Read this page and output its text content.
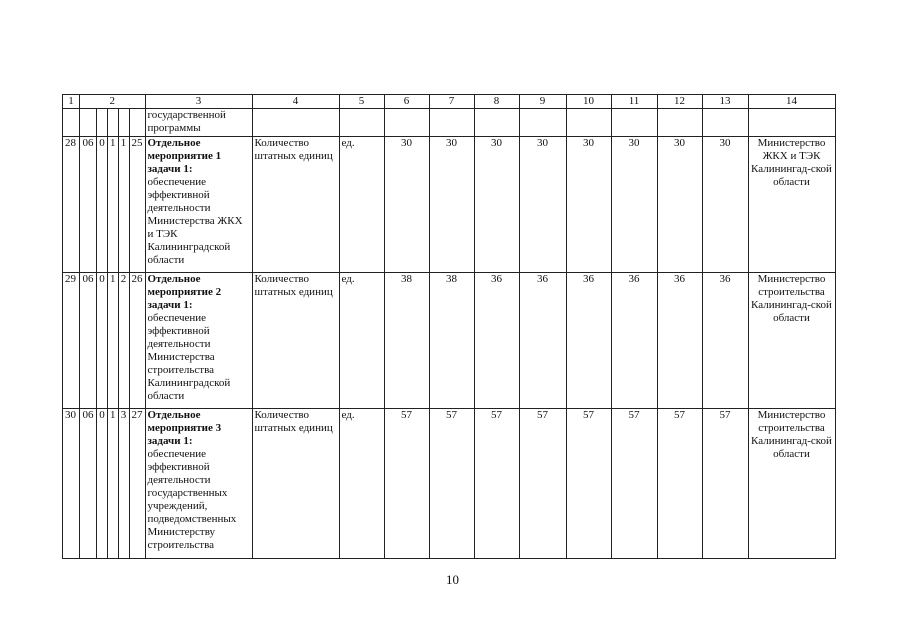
1	2					3	4	5	6	7	8	9	10	11	12	13	14
						государственной
программы											
28	06	0	1	1	25	Отдельное мероприятие 1 задачи 1:
обеспечение эффективной деятельности Министерства ЖКХ и ТЭК Калининградской области	Количество штатных единиц	ед.	30	30	30	30	30	30	30	30	Министерство ЖКХ и ТЭК Калинингад-ской области
29	06	0	1	2	26	Отдельное мероприятие 2 задачи 1:
обеспечение эффективной деятельности Министерства строительства Калининградской области	Количество штатных единиц	ед.	38	38	36	36	36	36	36	36	Министерство строительства Калинингад-ской области
30	06	0	1	3	27	Отдельное мероприятие 3 задачи 1:
обеспечение эффективной деятельности государственных учреждений, подведомственных Министерству строительства	Количество штатных единиц	ед.	57	57	57	57	57	57	57	57	Министерство строительства Калинингад-ской области
10
